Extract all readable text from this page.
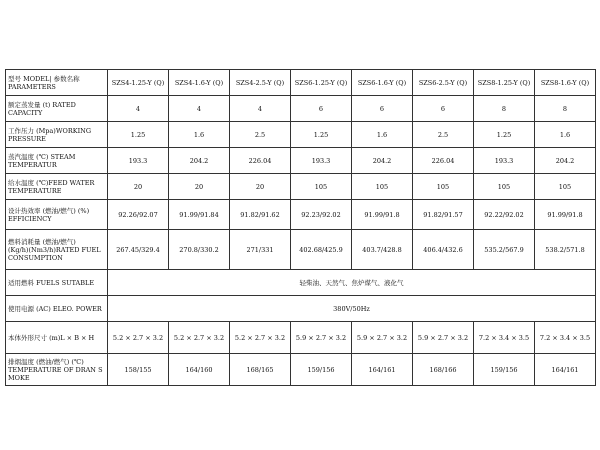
型号 MODEL| 参数名称
PARAMETERS	SZS4-1.25-Y (Q)	SZS4-1.6-Y (Q)	SZS4-2.5-Y (Q)	SZS6-1.25-Y (Q)	SZS6-1.6-Y (Q)	SZS6-2.5-Y (Q)	SZS8-1.25-Y (Q)	SZS8-1.6-Y (Q)

额定蒸发量 (t) RATED
CAPACITY	4	4	4	6	6	6	8	8

工作压力 (Mpa)WORKING
PRESSURE	1.25	1.6	2.5	1.25	1.6	2.5	1.25	1.6

蒸汽温度 (℃) STEAM
TEMPERATUR	193.3	204.2	226.04	193.3	204.2	226.04	193.3	204.2

给水温度 (℃)FEED WATER
TEMPERATURE	20	20	20	105	105	105	105	105

设计热效率 (燃油/燃气) (%)
EFFICIENCY	92.26/92.07	91.99/91.84	91.82/91.62	92.23/92.02	91.99/91.8	91.82/91.57	92.22/92.02	91.99/91.8

燃料消耗量 (燃油/燃气)
(Kg/h)(Nm3/h)RATED FUEL
CONSUMPTION	267.45/329.4	270.8/330.2	271/331	402.68/425.9	403.7/428.8	406.4/432.6	535.2/567.9	538.2/571.8

适用燃料 FUELS SUTABLE	轻柴油、天然气、焦炉煤气、液化气							

使用电源 (AC) ELEO. POWER	380V/50Hz							

本体外形尺寸 (m)L × B × H	5.2 × 2.7 × 3.2	5.2 × 2.7 × 3.2	5.2 × 2.7 × 3.2	5.9 × 2.7 × 3.2	5.9 × 2.7 × 3.2	5.9 × 2.7 × 3.2	7.2 × 3.4 × 3.5	7.2 × 3.4 × 3.5

排烟温度 (燃油/燃气) (℃)
TEMPERATURE OF DRAN SMOKE	158/155	164/160	168/165	159/156	164/161	168/166	159/156	164/161
